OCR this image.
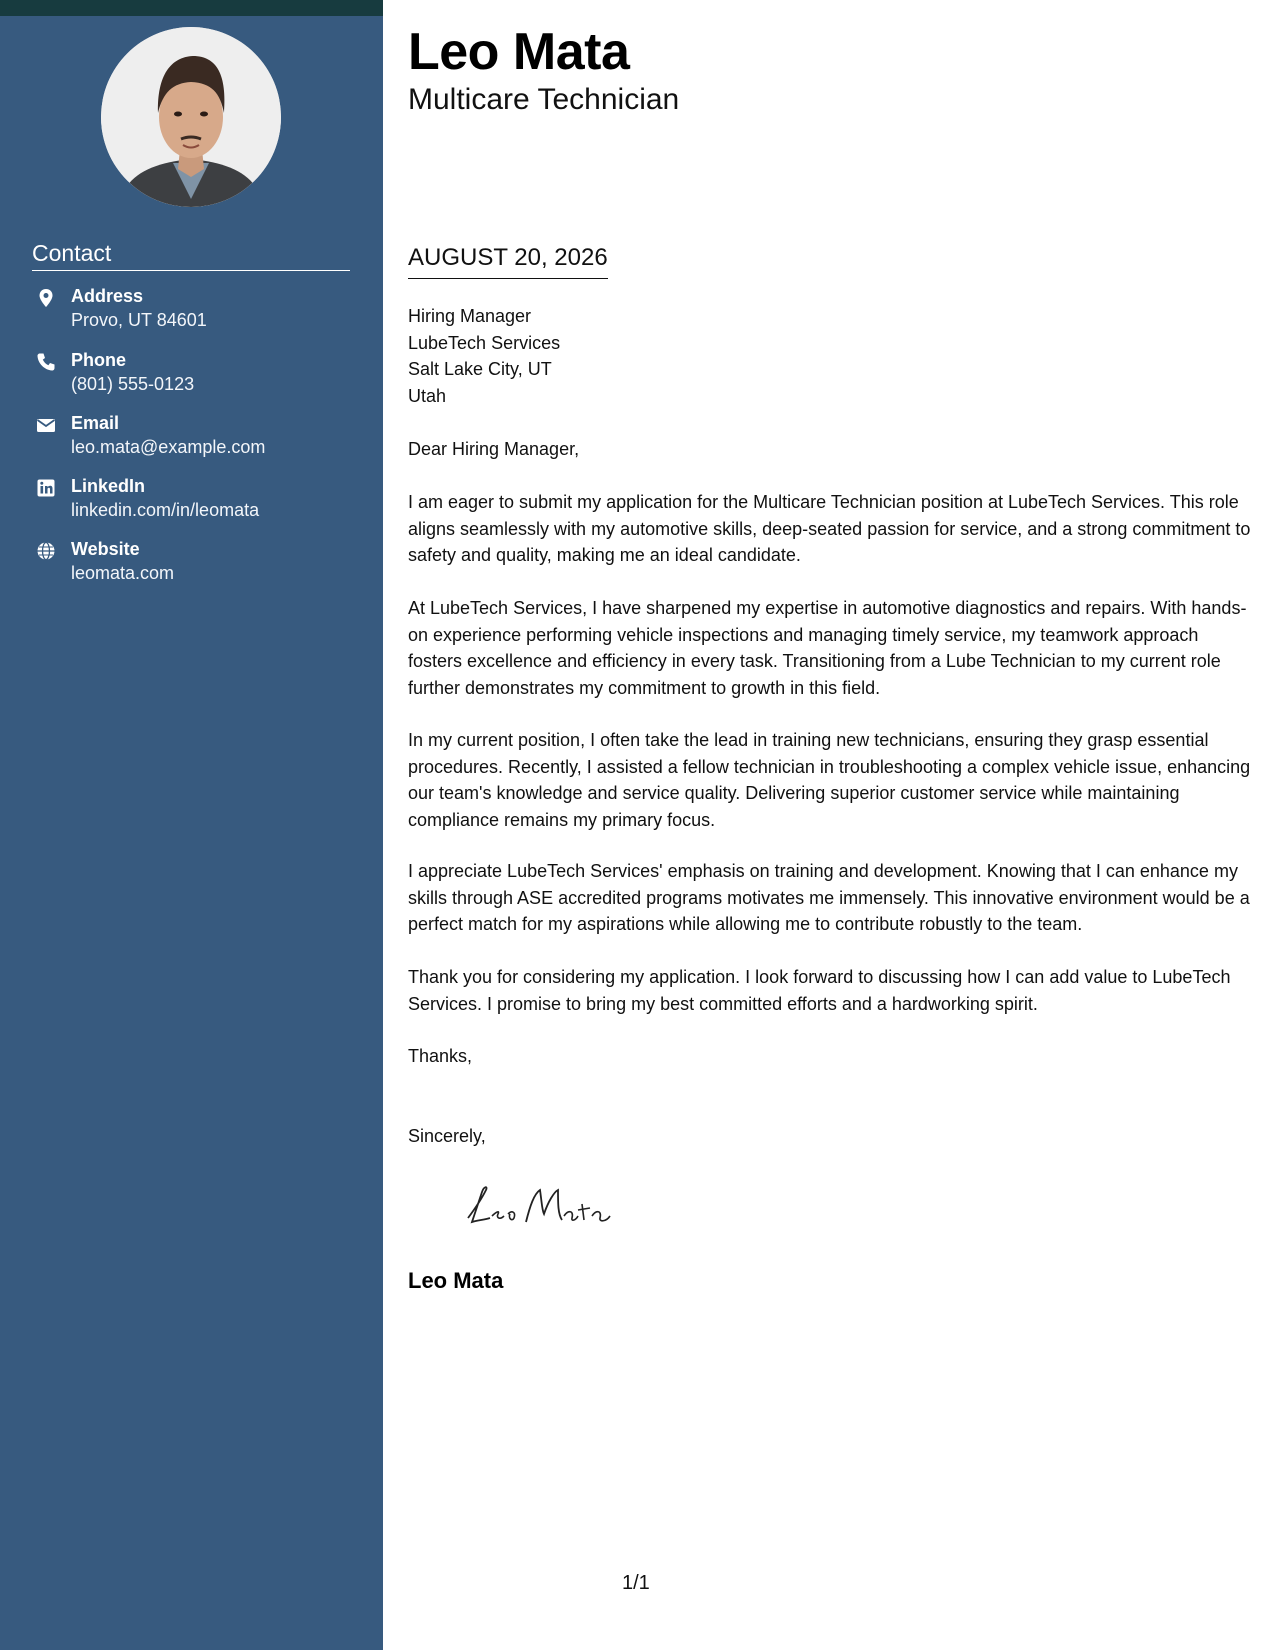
Contact
Address
Provo, UT 84601
Phone
(801) 555-0123
Email
leo.mata@example.com
LinkedIn
linkedin.com/in/leomata
Website
leomata.com
Leo Mata
Multicare Technician
AUGUST 20, 2026
Hiring Manager
LubeTech Services
Salt Lake City, UT
Utah
Dear Hiring Manager,
I am eager to submit my application for the Multicare Technician position at LubeTech Services. This role aligns seamlessly with my automotive skills, deep-seated passion for service, and a strong commitment to safety and quality, making me an ideal candidate.
At LubeTech Services, I have sharpened my expertise in automotive diagnostics and repairs. With hands-on experience performing vehicle inspections and managing timely service, my teamwork approach fosters excellence and efficiency in every task. Transitioning from a Lube Technician to my current role further demonstrates my commitment to growth in this field.
In my current position, I often take the lead in training new technicians, ensuring they grasp essential procedures. Recently, I assisted a fellow technician in troubleshooting a complex vehicle issue, enhancing our team's knowledge and service quality. Delivering superior customer service while maintaining compliance remains my primary focus.
I appreciate LubeTech Services' emphasis on training and development. Knowing that I can enhance my skills through ASE accredited programs motivates me immensely. This innovative environment would be a perfect match for my aspirations while allowing me to contribute robustly to the team.
Thank you for considering my application. I look forward to discussing how I can add value to LubeTech Services. I promise to bring my best committed efforts and a hardworking spirit.
Thanks,
Sincerely,
Leo Mata
1/1
